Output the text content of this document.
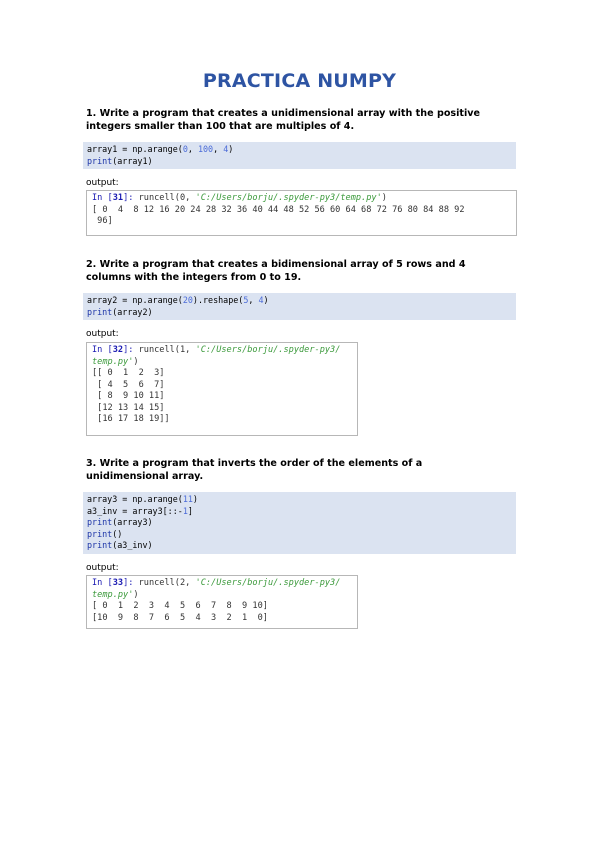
PRACTICA NUMPY
1. Write a program that creates a unidimensional array with the positive
integers smaller than 100 that are multiples of 4.
array1 = np.arange(0, 100, 4)
print(array1)
output:
In [31]: runcell(0, 'C:/Users/borju/.spyder-py3/temp.py')
[ 0  4  8 12 16 20 24 28 32 36 40 44 48 52 56 60 64 68 72 76 80 84 88 92
96]
2. Write a program that creates a bidimensional array of 5 rows and 4
columns with the integers from 0 to 19.
array2 = np.arange(20).reshape(5, 4)
print(array2)
output:
In [32]: runcell(1, 'C:/Users/borju/.spyder-py3/
temp.py')
[[ 0  1  2  3]
[ 4  5  6  7]
[ 8  9 10 11]
[12 13 14 15]
[16 17 18 19]]
3. Write a program that inverts the order of the elements of a
unidimensional array.
array3 = np.arange(11)
a3_inv = array3[::-1]
print(array3)
print()
print(a3_inv)
output:
In [33]: runcell(2, 'C:/Users/borju/.spyder-py3/
temp.py')
[ 0  1  2  3  4  5  6  7  8  9 10]
[10  9  8  7  6  5  4  3  2  1  0]
